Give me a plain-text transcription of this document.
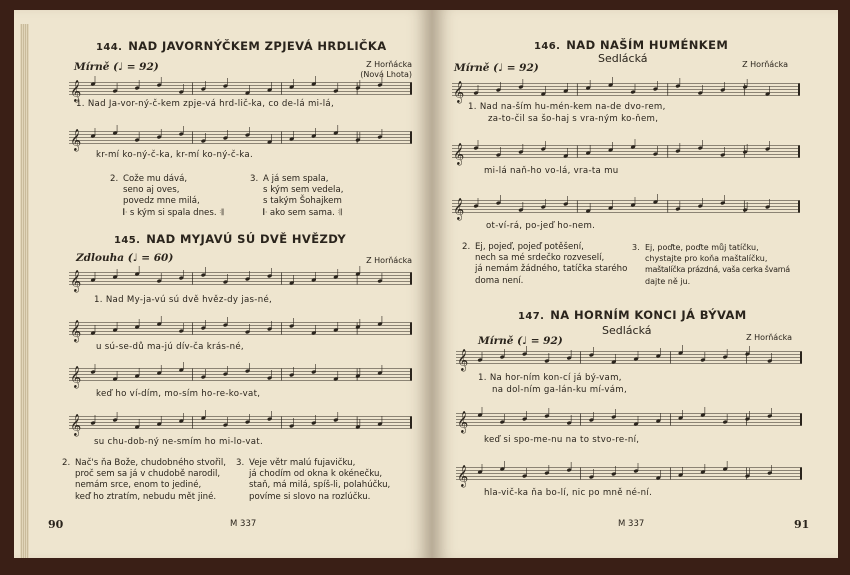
144. NAD JAVORNÝČKEM ZPJEVÁ HRDLIČKA
Mírně (♩ = 92)	Z Horňácka
(Nová Lhota)
𝄞
1. Nad Ja-vor-ný-č-kem zpje-vá hrd-lič-ka, co de-lá mi-lá,
𝄞
kr-mí ko-ný-č-ka, kr-mí ko-ný-č-ka.
2. Cože mu dává,
seno aj oves,
povedz mne milá,
𝄆 s kým si spala dnes. 𝄇
3. A já sem spala,
s kým sem vedela,
s takým Šohajkem
𝄆 ako sem sama. 𝄇
145. NAD MYJAVÚ SÚ DVĚ HVĚZDY
Zdlouha (♩ = 60)	Z Horňácka
𝄞
1. Nad My-ja-vú sú dvě hvěz-dy jas-né,
𝄞
u sú-se-dů ma-jú dív-ča krás-né,
𝄞
keď ho ví-dím, mo-sím ho-re-ko-vat,
𝄞
su chu-dob-ný ne-smím ho mi-lo-vat.
2. Nač's ňa Bože, chudobného stvořil,
proč sem sa já v chudobě narodil,
nemám srce, enom to jediné,
keď ho ztratím, nebudu mět jiné.
3. Veje větr malú fujavičku,
já chodím od okna k okénečku,
staň, má milá, spíš-li, polahúčku,
povíme si slovo na rozlúčku.
90	M 337
146. NAD NAŠÍM HUMÉNKEM
Sedlácká
Mírně (♩ = 92)	Z Horňácka
𝄞
1. Nad na-ším hu-mén-kem na-de dvo-rem,
za-to-čil sa šo-haj s vra-ným ko-ňem,
𝄞
mi-lá naň-ho vo-lá, vra-ta mu
𝄞
ot-ví-rá, po-jeď ho-nem.
2. Ej, pojeď, pojeď potěšení,
nech sa mé srdečko rozveselí,
já nemám žádného, tatíčka starého
doma není.
3. Ej, poďte, poďte můj tatíčku,
chystajte pro koňa maštalíčku,
maštalíčka prázdná, vaša cerka švarná
dajte ně ju.
147. NA HORNÍM KONCI JÁ BÝVAM
Sedlácká
Mírně (♩ = 92)	Z Horňácka
𝄞
1. Na hor-ním kon-cí já bý-vam,
na dol-ním ga-lán-ku mí-vám,
𝄞
keď si spo-me-nu na to stvo-re-ní,
𝄞
hla-vič-ka ňa bo-lí, nic po mně né-ní.
M 337	91
